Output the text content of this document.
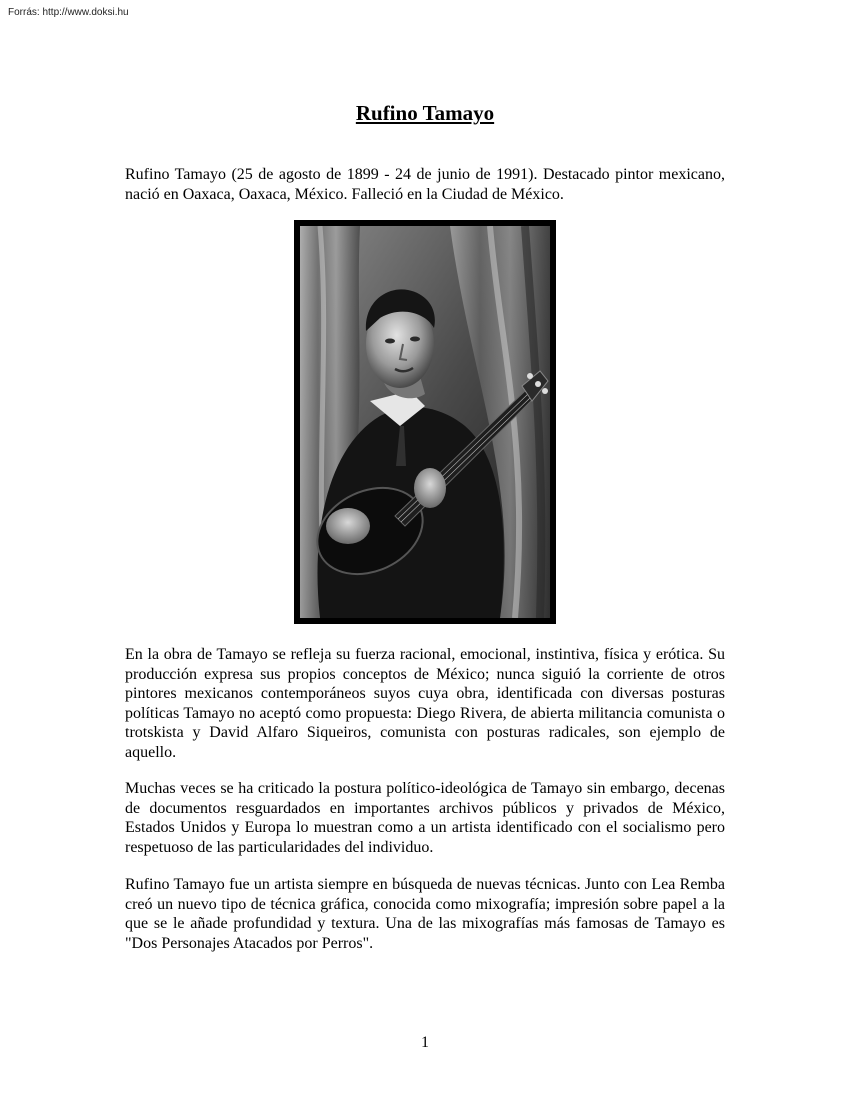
Forrás: http://www.doksi.hu
Rufino Tamayo

Rufino Tamayo (25 de agosto de 1899 - 24 de junio de 1991). Destacado pintor mexicano, nació en Oaxaca, Oaxaca, México. Falleció en la Ciudad de México.

En la obra de Tamayo se refleja su fuerza racional, emocional, instintiva, física y erótica. Su producción expresa sus propios conceptos de México; nunca siguió la corriente de otros pintores mexicanos contemporáneos suyos cuya obra, identificada con diversas posturas políticas Tamayo no aceptó como propuesta: Diego Rivera, de abierta militancia comunista o trotskista y David Alfaro Siqueiros, comunista con posturas radicales, son ejemplo de aquello.

Muchas veces se ha criticado la postura político-ideológica de Tamayo sin embargo, decenas de documentos resguardados en importantes archivos públicos y privados de México, Estados Unidos y Europa lo muestran como a un artista identificado con el socialismo pero respetuoso de las particularidades del individuo.

Rufino Tamayo fue un artista siempre en búsqueda de nuevas técnicas. Junto con Lea Remba creó un nuevo tipo de técnica gráfica, conocida como mixografía; impresión sobre papel a la que se le añade profundidad y textura. Una de las mixografías más famosas de Tamayo es "Dos Personajes Atacados por Perros".

1
